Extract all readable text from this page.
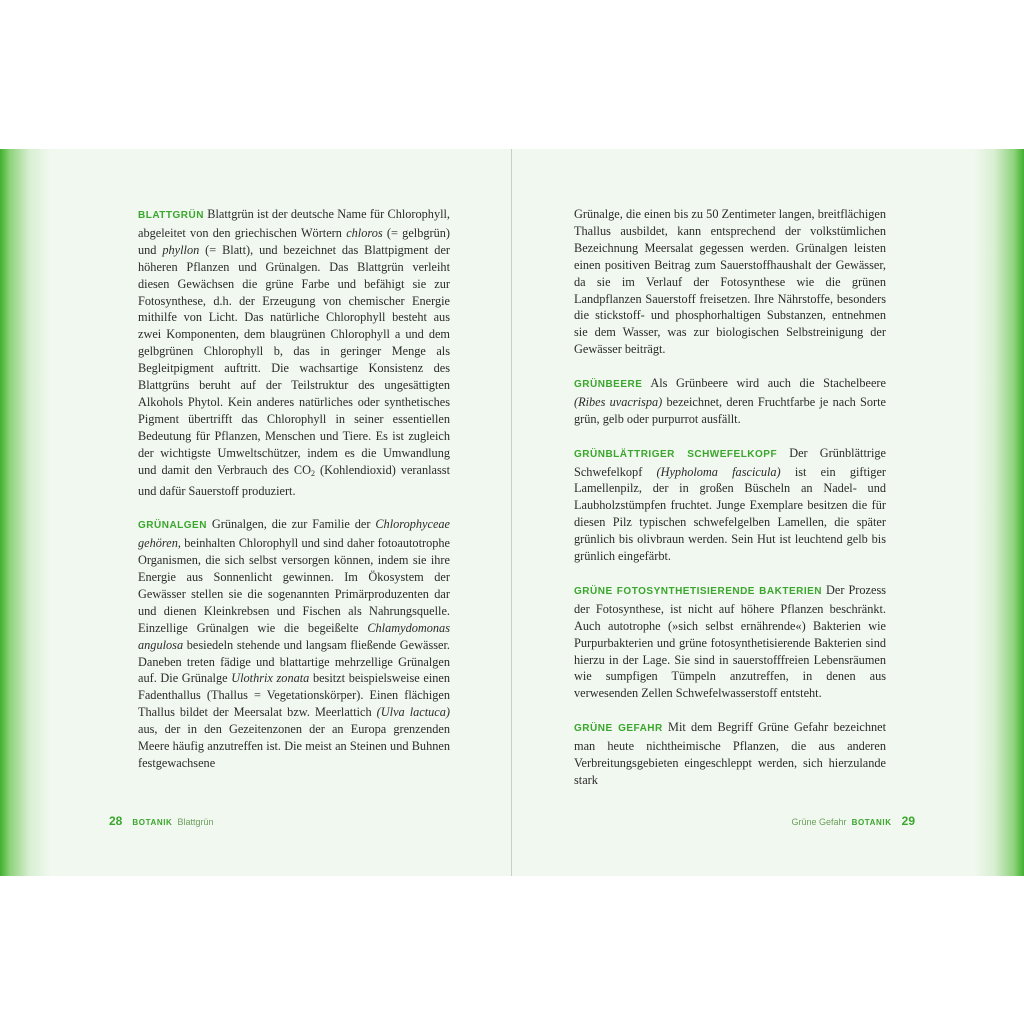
BLATTGRÜN Blattgrün ist der deutsche Name für Chlorophyll, abgeleitet von den griechischen Wörtern chloros (= gelbgrün) und phyllon (= Blatt), und bezeichnet das Blattpigment der höheren Pflanzen und Grünalgen. Das Blattgrün verleiht diesen Gewächsen die grüne Farbe und befähigt sie zur Fotosynthese, d.h. der Erzeugung von chemischer Energie mithilfe von Licht. Das natürliche Chlorophyll besteht aus zwei Komponenten, dem blaugrünen Chlorophyll a und dem gelbgrünen Chlorophyll b, das in geringer Menge als Begleitpigment auftritt. Die wachsartige Konsistenz des Blattgrüns beruht auf der Teilstruktur des ungesättigten Alkohols Phytol. Kein anderes natürliches oder synthetisches Pigment übertrifft das Chlorophyll in seiner essentiellen Bedeutung für Pflanzen, Menschen und Tiere. Es ist zugleich der wichtigste Umweltschützer, indem es die Umwandlung und damit den Verbrauch des $CO_2$ (Kohlendioxid) veranlasst und dafür Sauerstoff produziert.

GRÜNALGEN Grünalgen, die zur Familie der Chlorophyceae gehören, beinhalten Chlorophyll und sind daher fotoautotrophe Organismen, die sich selbst versorgen können, indem sie ihre Energie aus Sonnenlicht gewinnen. Im Ökosystem der Gewässer stellen sie die sogenannten Primärproduzenten dar und dienen Kleinkrebsen und Fischen als Nahrungsquelle. Einzellige Grünalgen wie die begeißelte Chlamydomonas angulosa besiedeln stehende und langsam fließende Gewässer. Daneben treten fädige und blattartige mehrzellige Grünalgen auf. Die Grünalge Ulothrix zonata besitzt beispielsweise einen Fadenthallus (Thallus = Vegetationskörper). Einen flächigen Thallus bildet der Meersalat bzw. Meerlattich (Ulva lactuca) aus, der in den Gezeitenzonen der an Europa grenzenden Meere häufig anzutreffen ist. Die meist an Steinen und Buhnen festgewachsene

Grünalge, die einen bis zu 50 Zentimeter langen, breitflächigen Thallus ausbildet, kann entsprechend der volkstümlichen Bezeichnung Meersalat gegessen werden. Grünalgen leisten einen positiven Beitrag zum Sauerstoffhaushalt der Gewässer, da sie im Verlauf der Fotosynthese wie die grünen Landpflanzen Sauerstoff freisetzen. Ihre Nährstoffe, besonders die stickstoff- und phosphorhaltigen Substanzen, entnehmen sie dem Wasser, was zur biologischen Selbstreinigung der Gewässer beiträgt.

GRÜNBEERE Als Grünbeere wird auch die Stachelbeere (Ribes uvacrispa) bezeichnet, deren Fruchtfarbe je nach Sorte grün, gelb oder purpurrot ausfällt.

GRÜNBLÄTTRIGER SCHWEFELKOPF Der Grünblättrige Schwefelkopf (Hypholoma fascicula) ist ein giftiger Lamellenpilz, der in großen Büscheln an Nadel- und Laubholzstümpfen fruchtet. Junge Exemplare besitzen die für diesen Pilz typischen schwefelgelben Lamellen, die später grünlich bis olivbraun werden. Sein Hut ist leuchtend gelb bis grünlich eingefärbt.

GRÜNE FOTOSYNTHETISIERENDE BAKTERIEN Der Prozess der Fotosynthese, ist nicht auf höhere Pflanzen beschränkt. Auch autotrophe (»sich selbst ernährende«) Bakterien wie Purpurbakterien und grüne fotosynthetisierende Bakterien sind hierzu in der Lage. Sie sind in sauerstofffreien Lebensräumen wie sumpfigen Tümpeln anzutreffen, in denen aus verwesenden Zellen Schwefelwasserstoff entsteht.

GRÜNE GEFAHR Mit dem Begriff Grüne Gefahr bezeichnet man heute nichtheimische Pflanzen, die aus anderen Verbreitungsgebieten eingeschleppt werden, sich hierzulande stark

28 BOTANIK Blattgrün	Grüne Gefahr BOTANIK 29
